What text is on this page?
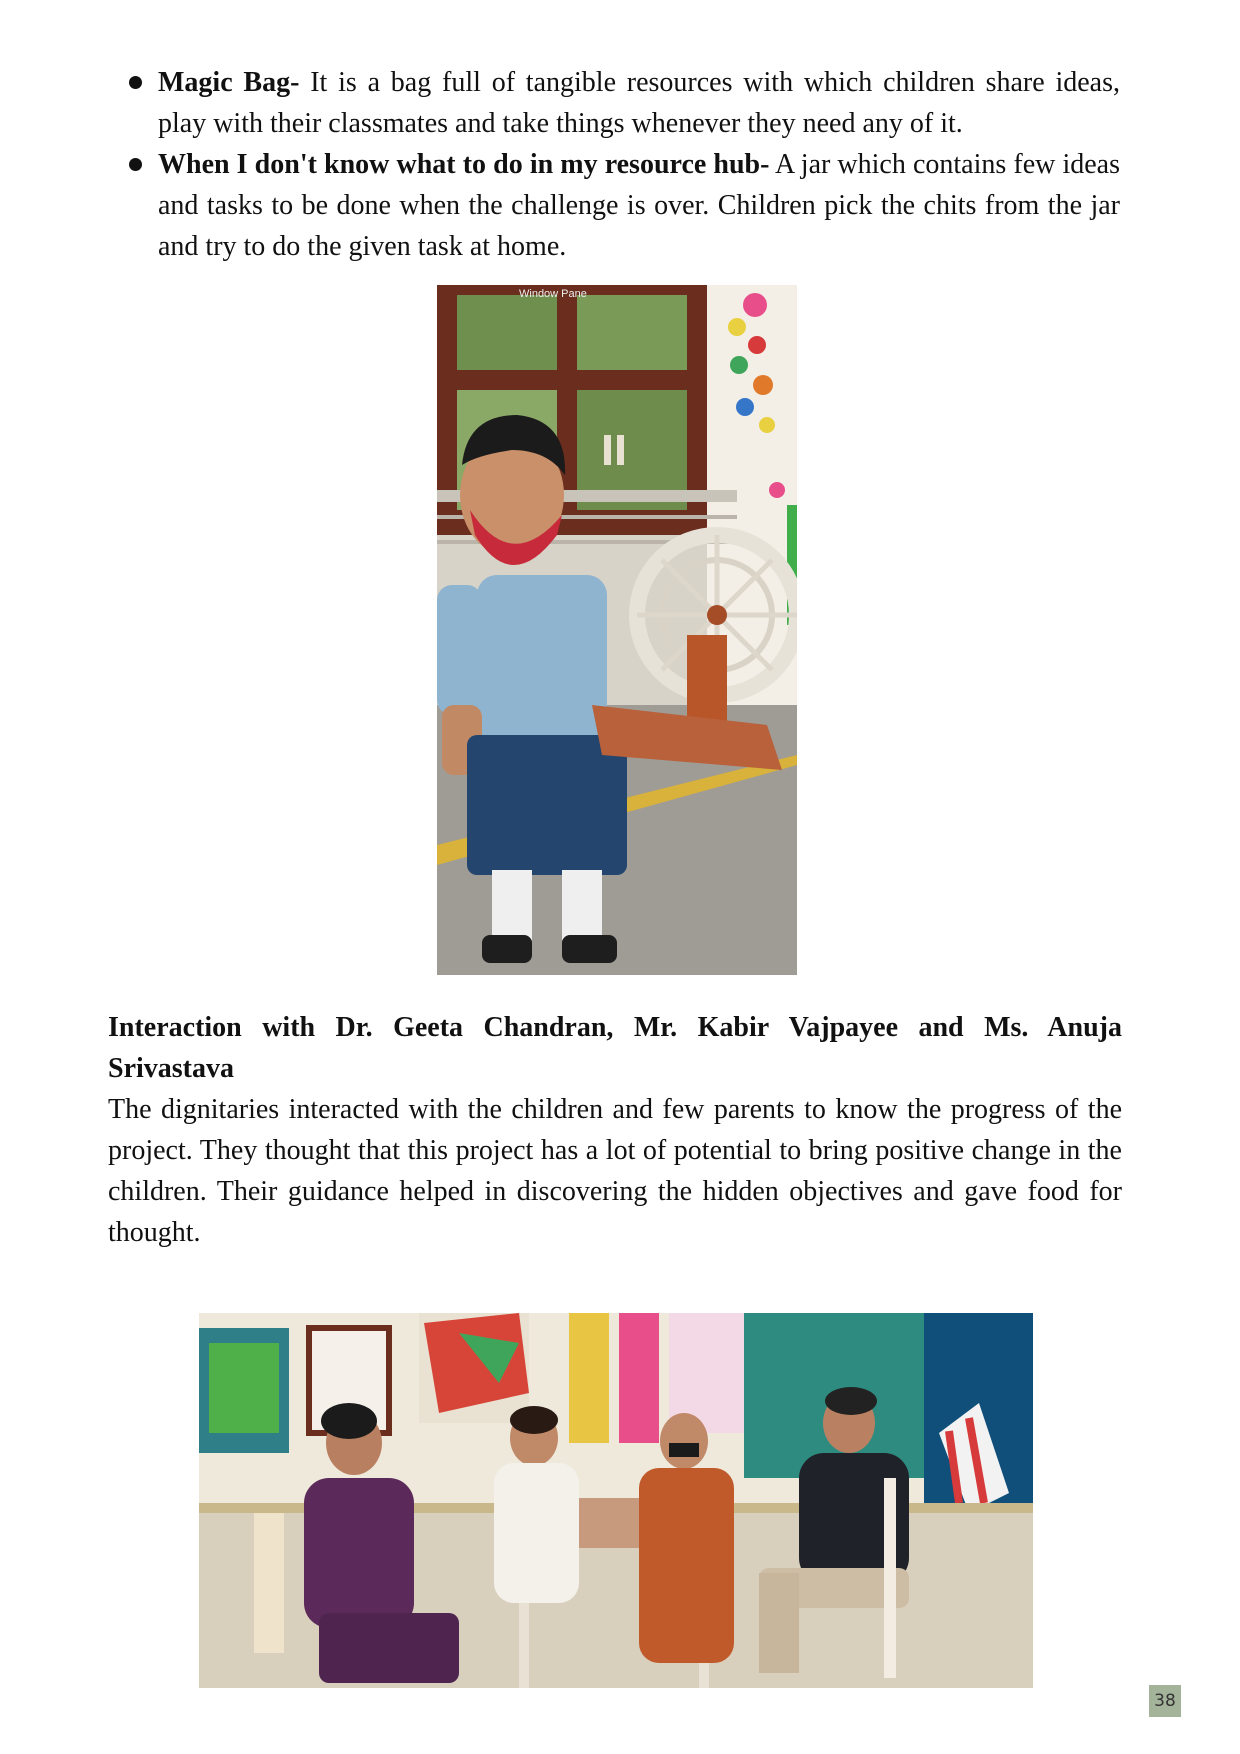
Magic Bag- It is a bag full of tangible resources with which children share ideas, play with their classmates and take things whenever they need any of it.
When I don't know what to do in my resource hub- A jar which contains few ideas and tasks to be done when the challenge is over. Children pick the chits from the jar and try to do the given task at home.
Window Pane
Interaction with Dr. Geeta Chandran, Mr. Kabir Vajpayee and Ms. Anuja
Srivastava
The dignitaries interacted with the children and few parents to know the progress of the project. They thought that this project has a lot of potential to bring positive change in the children. Their guidance helped in discovering the hidden objectives and gave food for thought.
38
